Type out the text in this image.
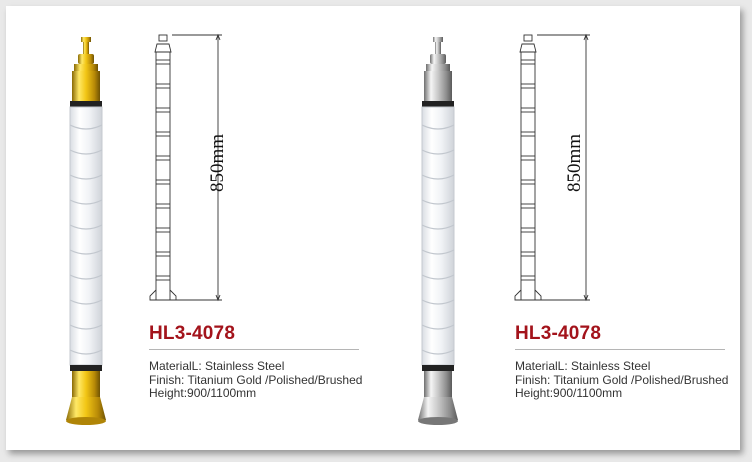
850mm	850mm
HL3-4078
MaterialL: Stainless Steel
Finish: Titanium Gold /Polished/Brushed
Height:900/1100mm
HL3-4078
MaterialL: Stainless Steel
Finish: Titanium Gold /Polished/Brushed
Height:900/1100mm
